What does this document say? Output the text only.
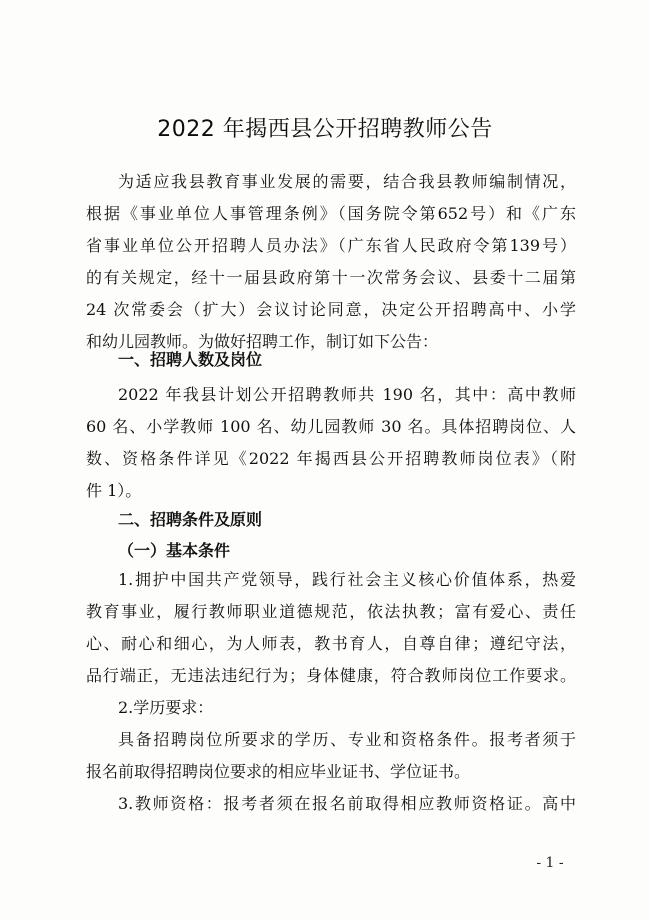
2022 年揭西县公开招聘教师公告
为适应我县教育事业发展的需要，结合我县教师编制情况，
根据《事业单位人事管理条例》（国务院令第652号）和《广东
省事业单位公开招聘人员办法》（广东省人民政府令第139号）
的有关规定，经十一届县政府第十一次常务会议、县委十二届第
24 次常委会（扩大）会议讨论同意，决定公开招聘高中、小学
和幼儿园教师。为做好招聘工作，制订如下公告：
一、招聘人数及岗位
2022 年我县计划公开招聘教师共 190 名，其中：高中教师
60 名、小学教师 100 名、幼儿园教师 30 名。具体招聘岗位、人
数、资格条件详见《2022 年揭西县公开招聘教师岗位表》（附
件 1）。
二、招聘条件及原则
（一）基本条件
1.拥护中国共产党领导，践行社会主义核心价值体系，热爱
教育事业，履行教师职业道德规范，依法执教；富有爱心、责任
心、耐心和细心，为人师表，教书育人，自尊自律；遵纪守法，
品行端正，无违法违纪行为；身体健康，符合教师岗位工作要求。
2.学历要求：
具备招聘岗位所要求的学历、专业和资格条件。报考者须于
报名前取得招聘岗位要求的相应毕业证书、学位证书。
3.教师资格：报考者须在报名前取得相应教师资格证。高中
- 1 -
